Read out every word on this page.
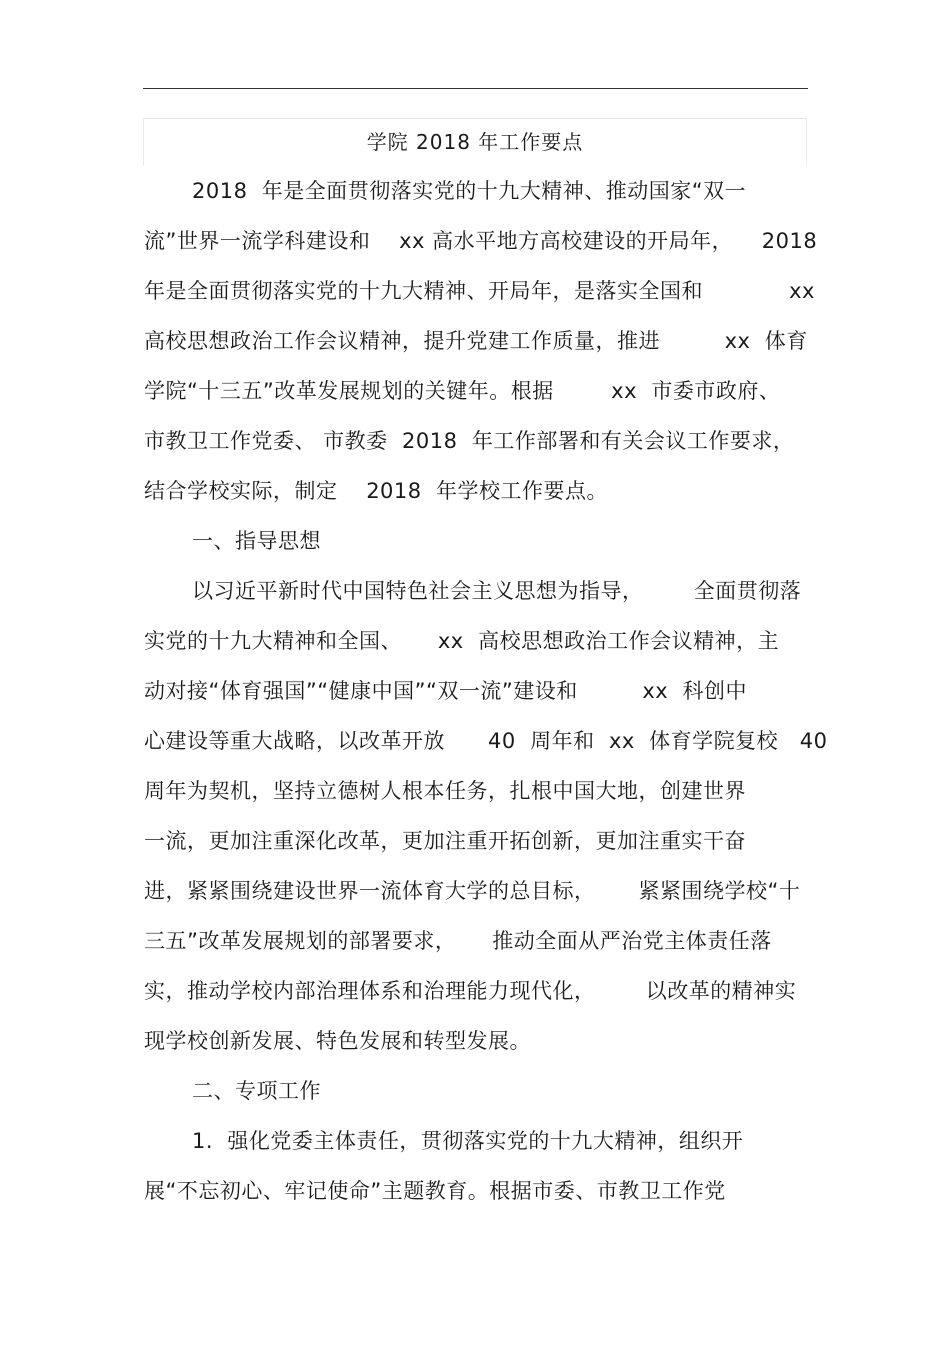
学院 2018 年工作要点
2018  年是全面贯彻落实党的十九大精神、推动国家“双一
流”世界一流学科建设和    xx 高水平地方高校建设的开局年，    2018
年是全面贯彻落实党的十九大精神、开局年，是落实全国和            xx
高校思想政治工作会议精神，提升党建工作质量，推进         xx  体育
学院“十三五”改革发展规划的关键年。根据        xx  市委市政府、
市教卫工作党委、 市教委  2018  年工作部署和有关会议工作要求，
结合学校实际，制定    2018  年学校工作要点。
一、指导思想
以习近平新时代中国特色社会主义思想为指导，       全面贯彻落
实党的十九大精神和全国、     xx  高校思想政治工作会议精神，主
动对接“体育强国”“健康中国”“双一流”建设和         xx  科创中
心建设等重大战略，以改革开放      40  周年和  xx  体育学院复校   40
周年为契机，坚持立德树人根本任务，扎根中国大地，创建世界
一流，更加注重深化改革，更加注重开拓创新，更加注重实干奋
进，紧紧围绕建设世界一流体育大学的总目标，      紧紧围绕学校“十
三五”改革发展规划的部署要求，     推动全面从严治党主体责任落
实，推动学校内部治理体系和治理能力现代化，       以改革的精神实
现学校创新发展、特色发展和转型发展。
二、专项工作
1.  强化党委主体责任，贯彻落实党的十九大精神，组织开
展“不忘初心、牢记使命”主题教育。根据市委、市教卫工作党
